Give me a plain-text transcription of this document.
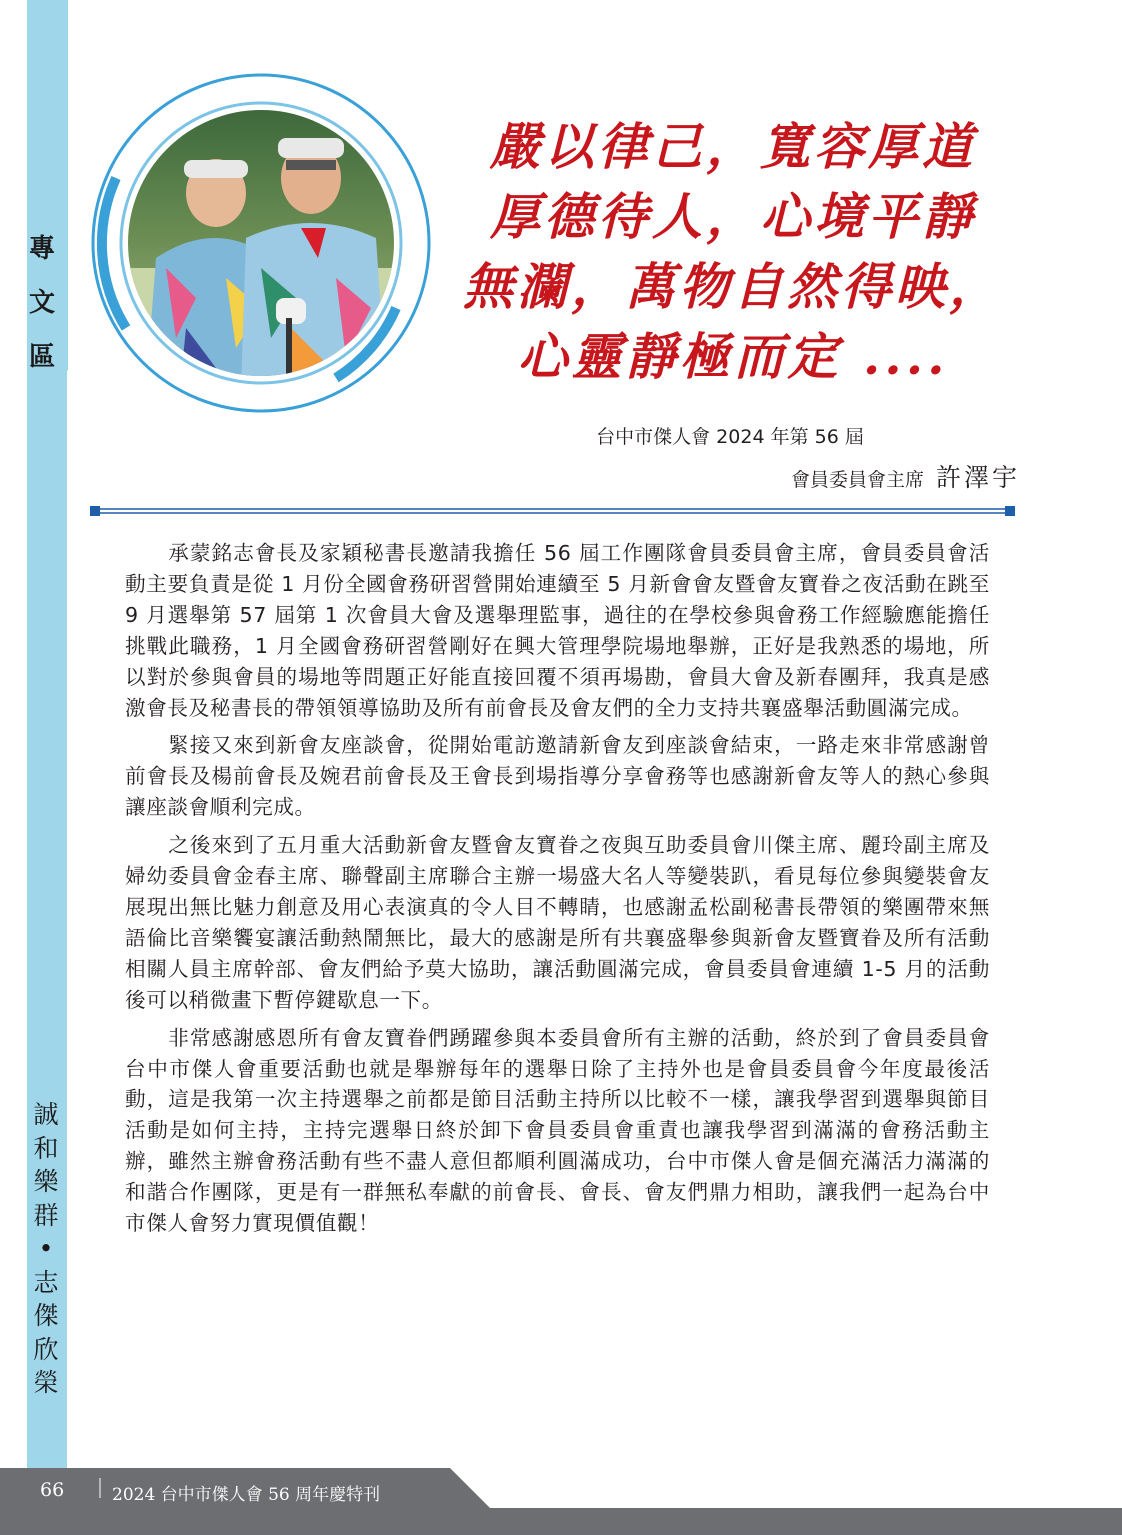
專
文
區
誠
和
樂
群
•
志
傑
欣
榮
嚴以律己，寬容厚道
厚德待人，心境平靜
無瀾，萬物自然得映，
心靈靜極而定 ....
台中市傑人會 2024 年第 56 屆
會員委員會主席 許澤宇

承蒙銘志會長及家穎秘書長邀請我擔任 56 屆工作團隊會員委員會主席，會員委員會活動主要負責是從 1 月份全國會務研習營開始連續至 5 月新會會友暨會友寶眷之夜活動在跳至 9 月選舉第 57 屆第 1 次會員大會及選舉理監事，過往的在學校參與會務工作經驗應能擔任挑戰此職務，1 月全國會務研習營剛好在興大管理學院場地舉辦，正好是我熟悉的場地，所以對於參與會員的場地等問題正好能直接回覆不須再場勘，會員大會及新春團拜，我真是感激會長及秘書長的帶領領導協助及所有前會長及會友們的全力支持共襄盛舉活動圓滿完成。

緊接又來到新會友座談會，從開始電訪邀請新會友到座談會結束，一路走來非常感謝曾前會長及楊前會長及婉君前會長及王會長到場指導分享會務等也感謝新會友等人的熱心參與讓座談會順利完成。

之後來到了五月重大活動新會友暨會友寶眷之夜與互助委員會川傑主席、麗玲副主席及婦幼委員會金春主席、聯聲副主席聯合主辦一場盛大名人等變裝趴，看見每位參與變裝會友展現出無比魅力創意及用心表演真的令人目不轉睛，也感謝孟松副秘書長帶領的樂團帶來無語倫比音樂饗宴讓活動熱鬧無比，最大的感謝是所有共襄盛舉參與新會友暨寶眷及所有活動相關人員主席幹部、會友們給予莫大協助，讓活動圓滿完成，會員委員會連續 1-5 月的活動後可以稍微畫下暫停鍵歇息一下。

非常感謝感恩所有會友寶眷們踴躍參與本委員會所有主辦的活動，終於到了會員委員會台中市傑人會重要活動也就是舉辦每年的選舉日除了主持外也是會員委員會今年度最後活動，這是我第一次主持選舉之前都是節目活動主持所以比較不一樣，讓我學習到選舉與節目活動是如何主持，主持完選舉日終於卸下會員委員會重責也讓我學習到滿滿的會務活動主辦，雖然主辦會務活動有些不盡人意但都順利圓滿成功，台中市傑人會是個充滿活力滿滿的和諧合作團隊，更是有一群無私奉獻的前會長、會長、會友們鼎力相助，讓我們一起為台中市傑人會努力實現價值觀！

66	2024 台中市傑人會 56 周年慶特刊
